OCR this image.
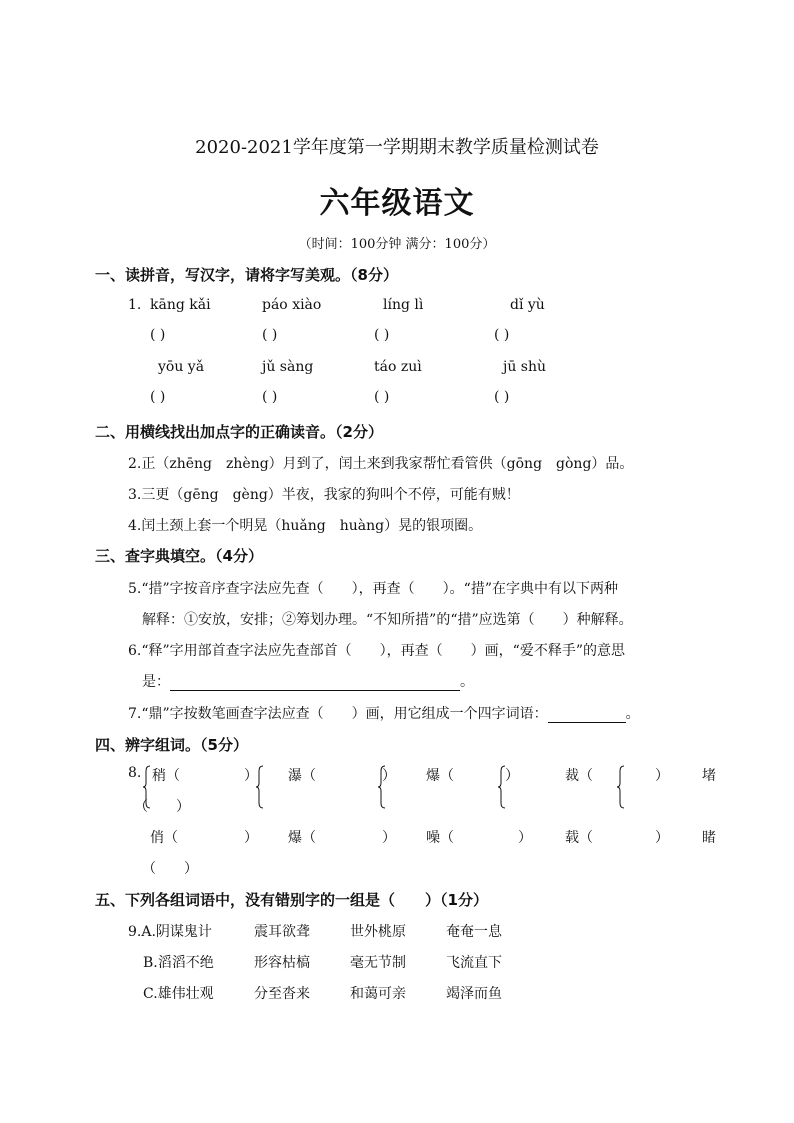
2020-2021学年度第一学期期末教学质量检测试卷
六年级语文
（时间：100分钟 满分：100分）
一、读拼音，写汉字，请将字写美观。（8分）
1. kāng kǎi	páo xiào	líng lì	dǐ yù
( )	( )	( )	( )
yōu yǎ	jǔ sàng	táo zuì	jū shù
( )	( )	( )	( )
二、用横线找出加点字的正确读音。（2分）
2.正（zhēng　zhèng）月到了，闰土来到我家帮忙看管供（gōng　gòng）品。
3.三更（gēng　gèng）半夜，我家的狗叫个不停，可能有贼！
4.闰土颈上套一个明晃（huǎng　huàng）晃的银项圈。
三、查字典填空。（4分）
5.“措”字按音序查字法应先查（　　），再查（　　）。“措”在字典中有以下两种
解释：①安放，安排；②筹划办理。“不知所措”的“措”应选第（　　）种解释。
6.“释”字用部首查字法应先查部首（　　），再查（　　）画，“爱不释手”的意思
是：	。
7.“鼎”字按数笔画查字法应查（　　）画，用它组成一个四字词语：	。
四、辨字组词。（5分）
8. 稍（	） 瀑（	） 爆（	）	裁（	） 堵
（　　）
俏（	） 爆（	） 噪（	） 载（	） 睹
（　　）
五、下列各组词语中，没有错别字的一组是（　　）（1分）
9.A.阴谋鬼计	震耳欲聋	世外桃原	奄奄一息
B.滔滔不绝	形容枯槁	毫无节制	飞流直下
C.雄伟壮观	分至沓来	和蔼可亲	竭泽而鱼
